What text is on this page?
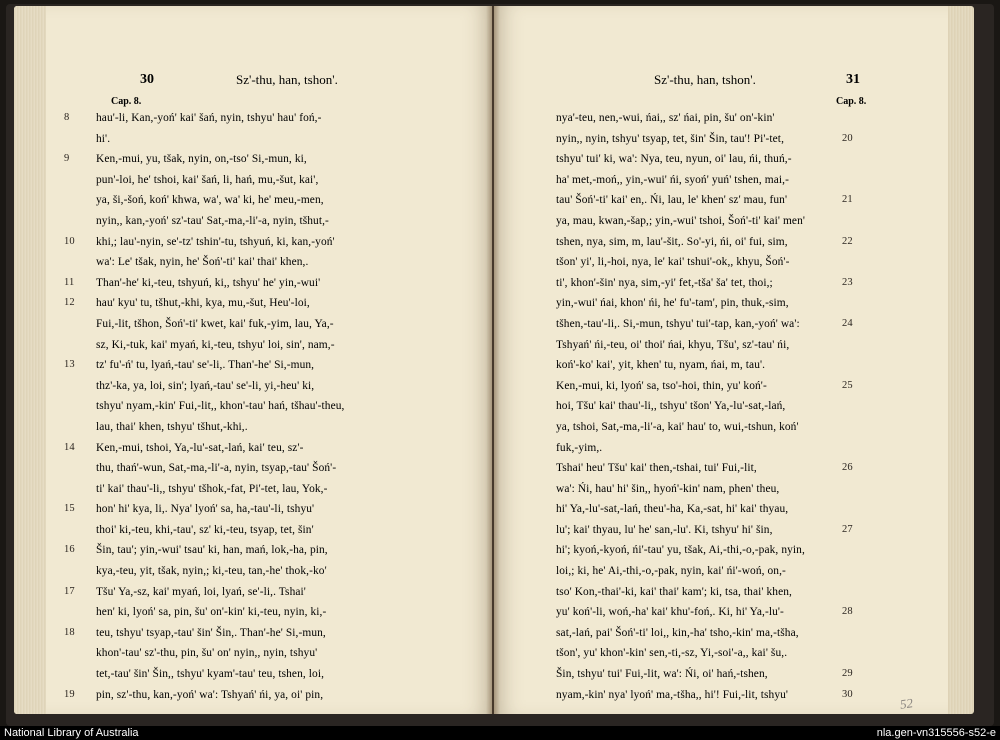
30	Sz'-thu, han, tshon'.
Cap. 8.
hau'-li, Kan,-yoń' kai' šań, nyin, tshyu' hau' foń,-
8
hi'.
Ken,-mui, yu, tšak, nyin, on,-tso' Si,-mun, ki,
9
pun'-loi, he' tshoi, kai' šań, li, hań, mu,-šut, kai',
ya, ši,-šoń, koń' khwa, wa', wa' ki, he' meu,-men,
nyin,, kan,-yoń' sz'-tau' Sat,-ma,-li'-a, nyin, tšhut,-
khi,; lau'-nyin, se'-tz' tshin'-tu, tshyuń, ki, kan,-yoń'
10
wa': Le' tšak, nyin, he' Šoń'-ti' kai' thai' khen,.
Than'-he' ki,-teu, tshyuń, ki,, tshyu' he' yin,-wui'
11
hau' kyu' tu, tšhut,-khi, kya, mu,-šut, Heu'-loi,
12
Fui,-lit, tšhon, Šoń'-ti' kwet, kai' fuk,-yim, lau, Ya,-
sz, Ki,-tuk, kai' myań, ki,-teu, tshyu' loi, sin', nam,-
tz' fu'-ń' tu, lyań,-tau' se'-li,. Than'-he' Si,-mun,
13
thz'-ka, ya, loi, sin'; lyań,-tau' se'-li, yi,-heu' ki,
tshyu' nyam,-kin' Fui,-lit,, khon'-tau' hań, tšhau'-theu,
lau, thai' khen, tshyu' tšhut,-khi,.
Ken,-mui, tshoi, Ya,-lu'-sat,-lań, kai' teu, sz'-
14
thu, thań'-wun, Sat,-ma,-li'-a, nyin, tsyap,-tau' Šoń'-
ti' kai' thau'-li,, tshyu' tšhok,-fat, Pi'-tet, lau, Yok,-
hon' hi' kya, li,. Nya' lyoń' sa, ha,-tau'-li, tshyu'
15
thoi' ki,-teu, khi,-tau', sz' ki,-teu, tsyap, tet, šin'
Šin, tau'; yin,-wui' tsau' ki, han, mań, lok,-ha, pin,
16
kya,-teu, yit, tšak, nyin,; ki,-teu, tan,-he' thok,-ko'
Tšu' Ya,-sz, kai' myań, loi, lyań, se'-li,. Tshai'
17
hen' ki, lyoń' sa, pin, šu' on'-kin' ki,-teu, nyin, ki,-
teu, tshyu' tsyap,-tau' šin' Šin,. Than'-he' Si,-mun,
18
khon'-tau' sz'-thu, pin, šu' on' nyin,, nyin, tshyu'
tet,-tau' šin' Šin,, tshyu' kyam'-tau' teu, tshen, loi,
pin, sz'-thu, kan,-yoń' wa': Tshyań' ńi, ya, oi' pin,
19
Sz'-thu, han, tshon'.	31
Cap. 8.
nya'-teu, nen,-wui, ńai,, sz' ńai, pin, šu' on'-kin'
nyin,, nyin, tshyu' tsyap, tet, šin' Šin, tau'! Pi'-tet,	20
tshyu' tui' ki, wa': Nya, teu, nyun, oi' lau, ńi, thuń,-
ha' met,-moń,, yin,-wui' ńi, syoń' yuń' tshen, mai,-
tau' Šoń'-ti' kai' en,. Ńi, lau, le' khen' sz' mau, fun'	21
ya, mau, kwan,-šap,; yin,-wui' tshoi, Šoń'-ti' kai' men'
tshen, nya, sim, m, lau'-šit,. So'-yi, ńi, oi' fui, sim,	22
tšon' yi', li,-hoi, nya, le' kai' tshui'-ok,, khyu, Šoń'-
ti', khon'-šin' nya, sim,-yi' fet,-tša' ša' tet, thoi,;	23
yin,-wui' ńai, khon' ńi, he' fu'-tam', pin, thuk,-sim,
tšhen,-tau'-li,. Si,-mun, tshyu' tui'-tap, kan,-yoń' wa':	24
Tshyań' ńi,-teu, oi' thoi' ńai, khyu, Tšu', sz'-tau' ńi,
koń'-ko' kai', yit, khen' tu, nyam, ńai, m, tau'.
Ken,-mui, ki, lyoń' sa, tso'-hoi, thin, yu' koń'-	25
hoi, Tšu' kai' thau'-li,, tshyu' tšon' Ya,-lu'-sat,-lań,
ya, tshoi, Sat,-ma,-li'-a, kai' hau' to, wui,-tshun, koń'
fuk,-yim,.
Tshai' heu' Tšu' kai' then,-tshai, tui' Fui,-lit,	26
wa': Ńi, hau' hi' šin,, hyoń'-kin' nam, phen' theu,
hi' Ya,-lu'-sat,-lań, theu'-ha, Ka,-sat, hi' kai' thyau,
lu'; kai' thyau, lu' he' san,-lu'. Ki, tshyu' hi' šin,	27
hi'; kyoń,-kyoń, ńi'-tau' yu, tšak, Ai,-thi,-o,-pak, nyin,
loi,; ki, he' Ai,-thi,-o,-pak, nyin, kai' ńi'-woń, on,-
tso' Kon,-thai'-ki, kai' thai' kam'; ki, tsa, thai' khen,
yu' koń'-li, woń,-ha' kai' khu'-foń,. Ki, hi' Ya,-lu'-	28
sat,-lań, pai' Šoń'-ti' loi,, kin,-ha' tsho,-kin' ma,-tšha,
tšon', yu' khon'-kin' sen,-ti,-sz, Yi,-soi'-a,, kai' šu,.
Šin, tshyu' tui' Fui,-lit, wa': Ńi, oi' hań,-tshen,	29
nyam,-kin' nya' lyoń' ma,-tšha,, hi'! Fui,-lit, tshyu'	30
52
National Library of Australia	nla.gen-vn315556-s52-e
